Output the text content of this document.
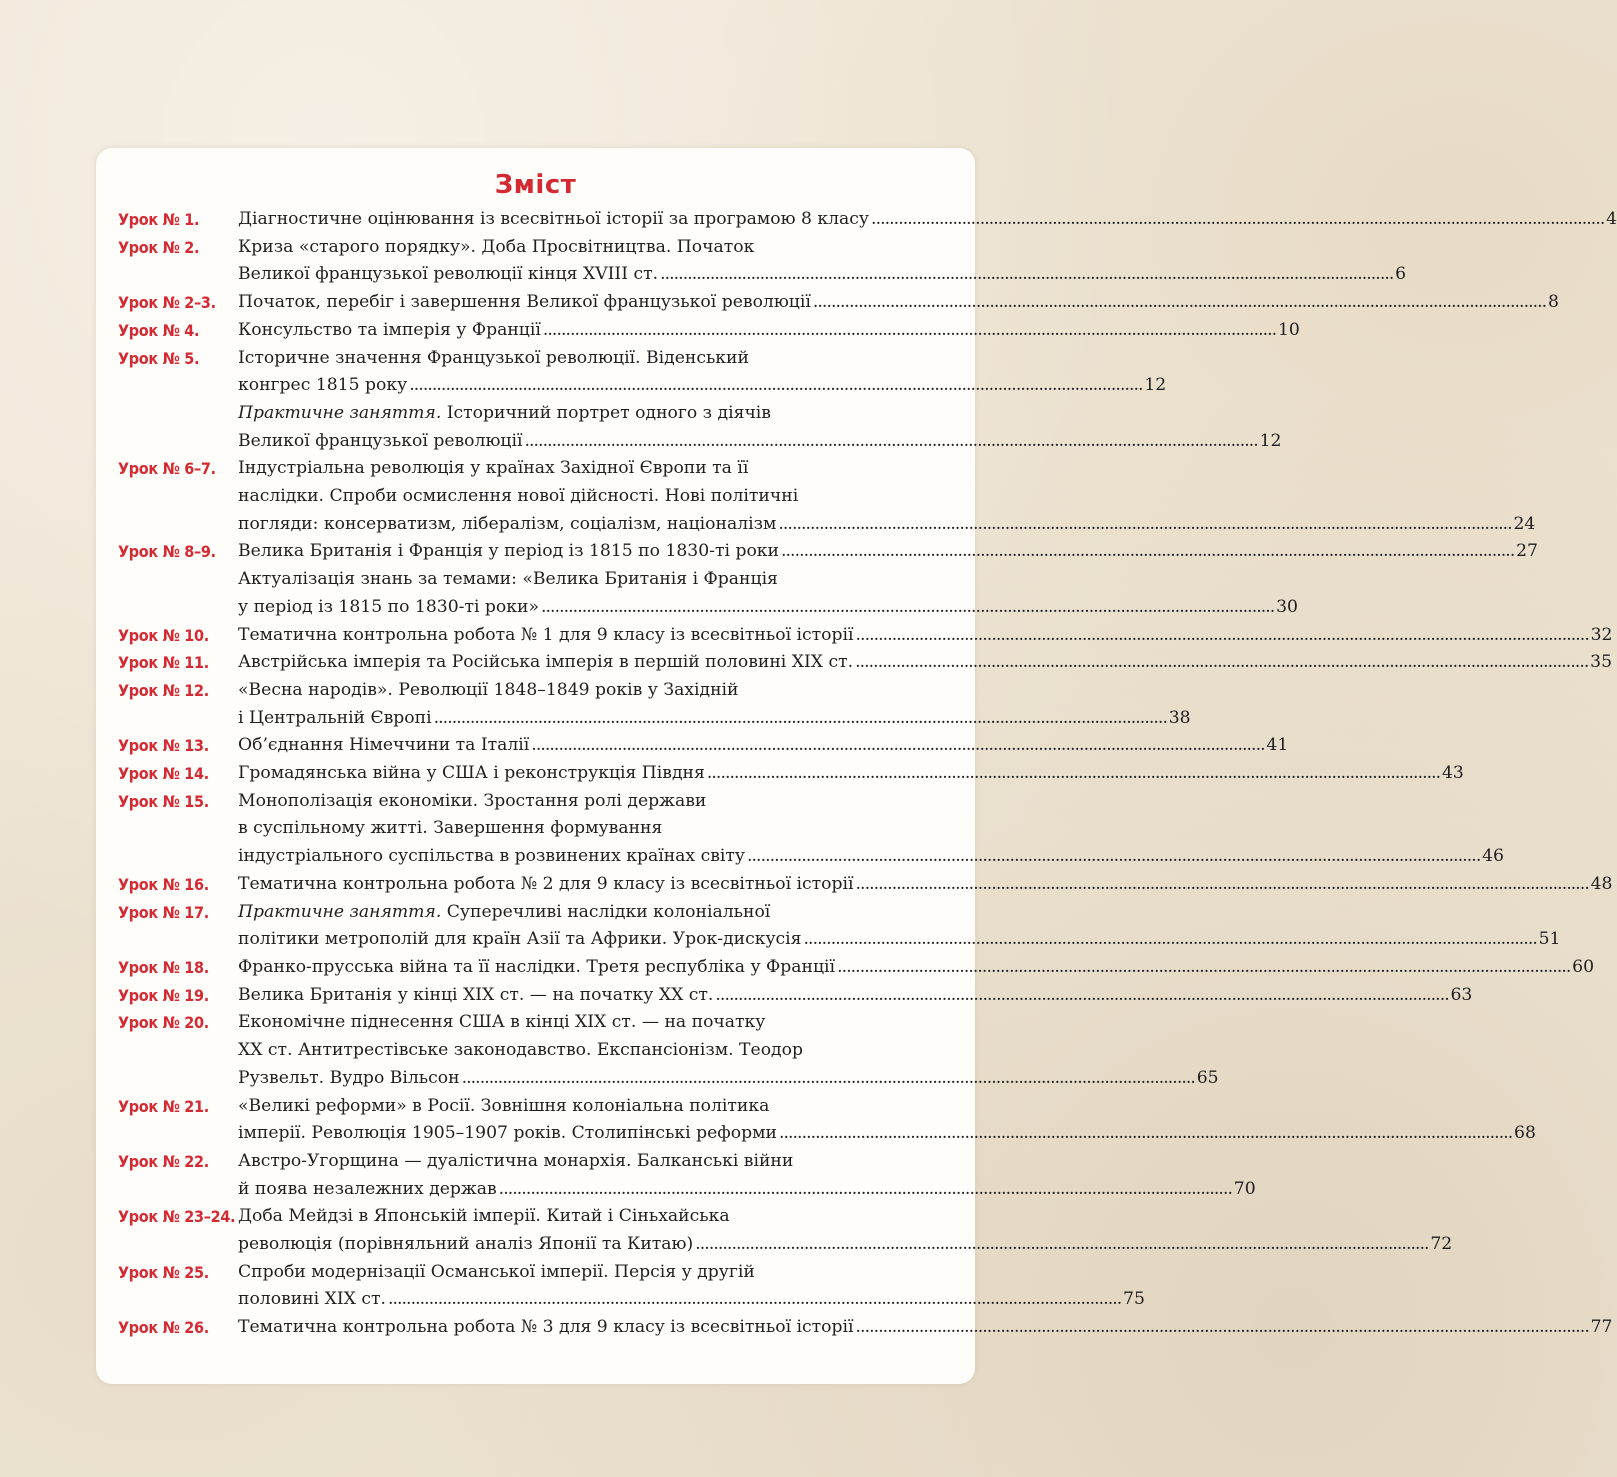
Зміст
Урок № 1.	Діагностичне оцінювання із всесвітньої історії за програмою 8 класу . . .	4
Урок № 2.	Криза «старого порядку». Доба Просвітництва. Початок
Великої французької революції кінця XVIII ст. . . .	6
Урок № 2–3.	Початок, перебіг і завершення Великої французької революції . . .	8
Урок № 4.	Консульство та імперія у Франції . . .	10
Урок № 5.	Історичне значення Французької революції. Віденський
конгрес 1815 року . . .	12
Практичне заняття. Історичний портрет одного з діячів
Великої французької революції . . .	12
Урок № 6–7.	Індустріальна революція у країнах Західної Європи та її
наслідки. Спроби осмислення нової дійсності. Нові політичні
погляди: консерватизм, лібералізм, соціалізм, націоналізм . . .	24
Урок № 8–9.	Велика Британія і Франція у період із 1815 по 1830-ті роки . . .	27
Актуалізація знань за темами: «Велика Британія і Франція
у період із 1815 по 1830-ті роки» . . .	30
Урок № 10.	Тематична контрольна робота № 1 для 9 класу із всесвітньої історії . . .	32
Урок № 11.	Австрійська імперія та Російська імперія в першій половині XIX ст. . . .	35
Урок № 12.	«Весна народів». Революції 1848–1849 років у Західній
і Центральній Європі . . .	38
Урок № 13.	Об’єднання Німеччини та Італії . . .	41
Урок № 14.	Громадянська війна у США і реконструкція Півдня . . .	43
Урок № 15.	Монополізація економіки. Зростання ролі держави
в суспільному житті. Завершення формування
індустріального суспільства в розвинених країнах світу . . .	46
Урок № 16.	Тематична контрольна робота № 2 для 9 класу із всесвітньої історії . . .	48
Урок № 17.	Практичне заняття. Суперечливі наслідки колоніальної
політики метрополій для країн Азії та Африки. Урок-дискусія . . .	51
Урок № 18.	Франко-прусська війна та її наслідки. Третя республіка у Франції . . .	60
Урок № 19.	Велика Британія у кінці XIX ст. — на початку XX ст. . . .	63
Урок № 20.	Економічне піднесення США в кінці XIX ст. — на початку
XX ст. Антитрестівське законодавство. Експансіонізм. Теодор
Рузвельт. Вудро Вільсон . . .	65
Урок № 21.	«Великі реформи» в Росії. Зовнішня колоніальна політика
імперії. Революція 1905–1907 років. Столипінські реформи . . .	68
Урок № 22.	Австро-Угорщина — дуалістична монархія. Балканські війни
й поява незалежних держав . . .	70
Урок № 23–24. Доба Мейдзі в Японській імперії. Китай і Сіньхайська
революція (порівняльний аналіз Японії та Китаю) . . .	72
Урок № 25.	Спроби модернізації Османської імперії. Персія у другій
половині XIX ст. . . .	75
Урок № 26.	Тематична контрольна робота № 3 для 9 класу із всесвітньої історії . . .	77
